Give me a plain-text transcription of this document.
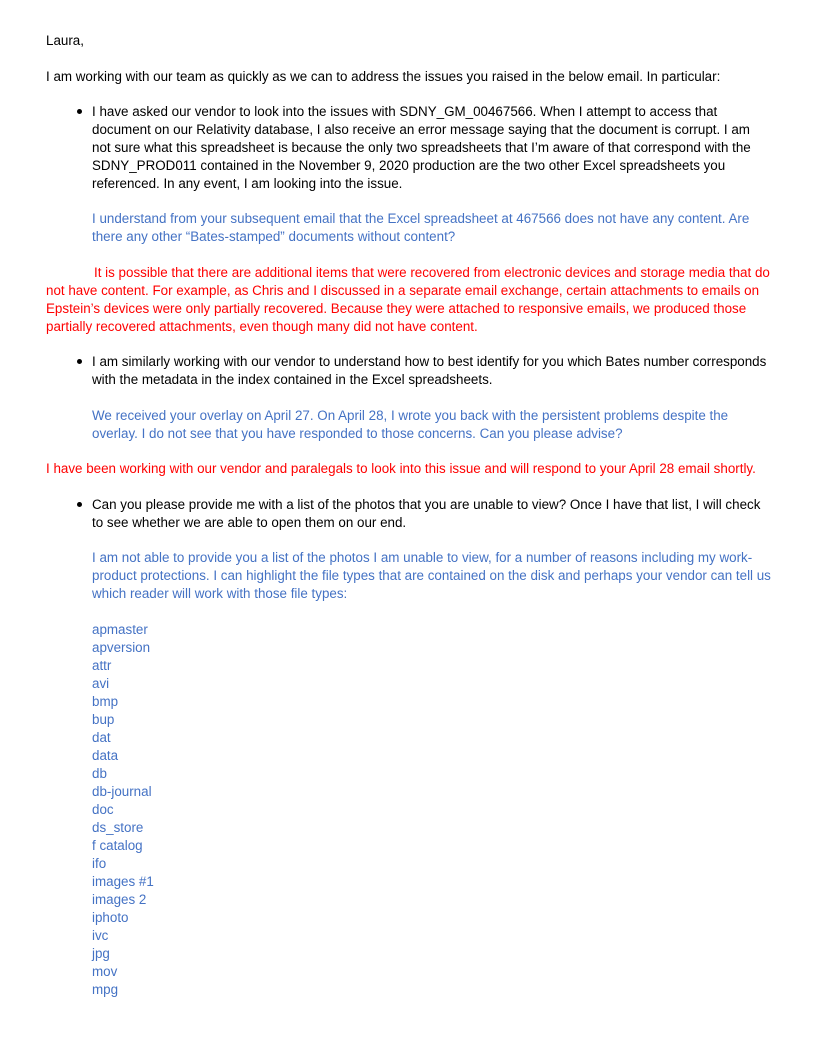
Laura,

I am working with our team as quickly as we can to address the issues you raised in the below email. In particular:

I have asked our vendor to look into the issues with SDNY_GM_00467566. When I attempt to access that document on our Relativity database, I also receive an error message saying that the document is corrupt. I am not sure what this spreadsheet is because the only two spreadsheets that I’m aware of that correspond with the SDNY_PROD011 contained in the November 9, 2020 production are the two other Excel spreadsheets you referenced. In any event, I am looking into the issue.

I understand from your subsequent email that the Excel spreadsheet at 467566 does not have any content. Are there any other “Bates-stamped” documents without content?

It is possible that there are additional items that were recovered from electronic devices and storage media that do not have content. For example, as Chris and I discussed in a separate email exchange, certain attachments to emails on Epstein’s devices were only partially recovered. Because they were attached to responsive emails, we produced those partially recovered attachments, even though many did not have content.

I am similarly working with our vendor to understand how to best identify for you which Bates number corresponds with the metadata in the index contained in the Excel spreadsheets.

We received your overlay on April 27. On April 28, I wrote you back with the persistent problems despite the overlay. I do not see that you have responded to those concerns. Can you please advise?

I have been working with our vendor and paralegals to look into this issue and will respond to your April 28 email shortly.

Can you please provide me with a list of the photos that you are unable to view? Once I have that list, I will check to see whether we are able to open them on our end.

I am not able to provide you a list of the photos I am unable to view, for a number of reasons including my work-product protections. I can highlight the file types that are contained on the disk and perhaps your vendor can tell us which reader will work with those file types:

apmaster
apversion
attr
avi
bmp
bup
dat
data
db
db-journal
doc
ds_store
f catalog
ifo
images #1
images 2
iphoto
ivc
jpg
mov
mpg
